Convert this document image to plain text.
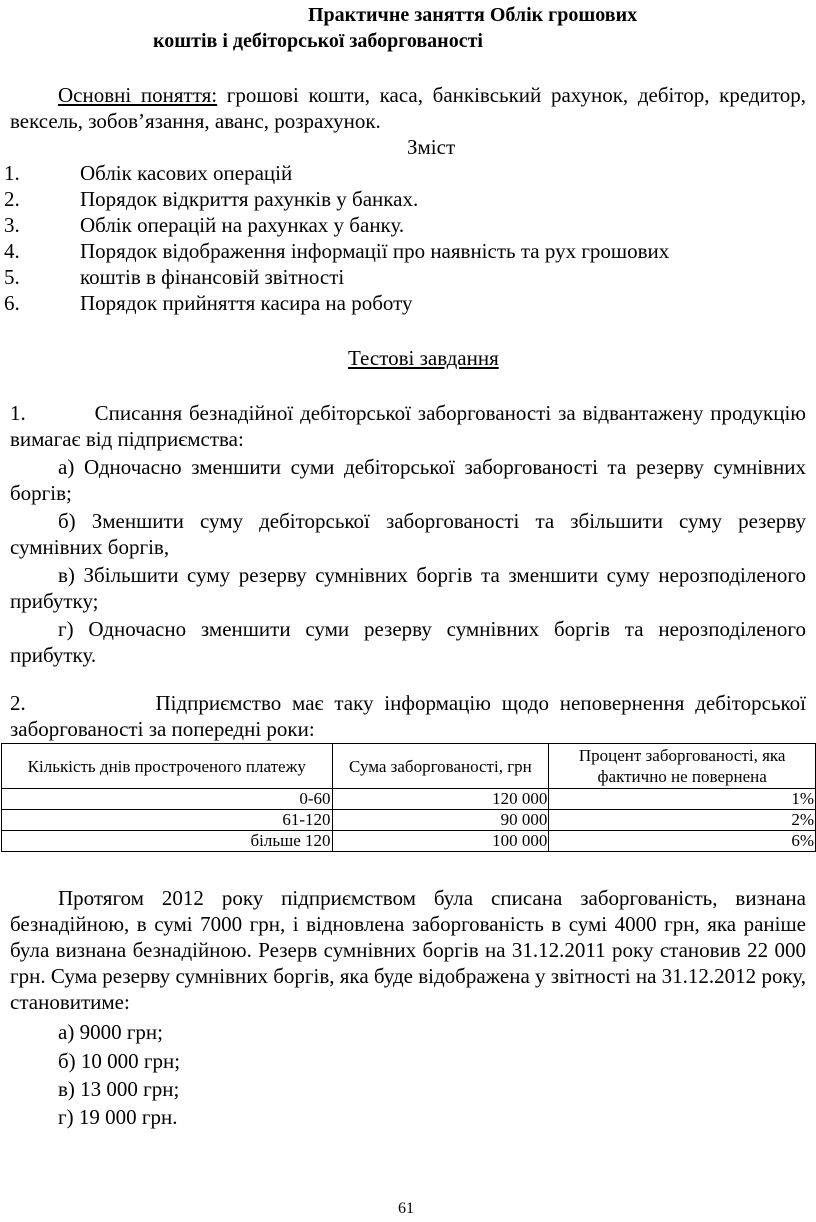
Практичне заняття Облік грошових
коштів і дебіторської заборгованості
Основні поняття: грошові кошти, каса, банківський рахунок, дебітор, кредитор, вексель, зобов’язання, аванс, розрахунок.
Зміст
1.	Облік касових операцій
2.	Порядок відкриття рахунків у банках.
3.	Облік операцій на рахунках у банку.
4.	Порядок відображення інформації про наявність та рух грошових
5.	коштів в фінансовій звітності
6.	Порядок прийняття касира на роботу
Тестові завдання
1.          Списання безнадійної дебіторської заборгованості за відвантажену продукцію вимагає від підприємства:
а) Одночасно зменшити суми дебіторської заборгованості та резерву сумнівних боргів;
б) Зменшити суму дебіторської заборгованості та збільшити суму резерву сумнівних боргів,
в) Збільшити суму резерву сумнівних боргів та зменшити суму нерозподіленого прибутку;
г) Одночасно зменшити суми резерву сумнівних боргів та нерозподіленого прибутку.
2.            Підприємство має таку інформацію щодо неповернення дебіторської заборгованості за попередні роки:
Кількість днів простроченого платежу	Сума заборгованості, грн	Процент заборгованості, яка фактично не повернена
0-60	120 000	1%
61-120	90 000	2%
більше 120	100 000	6%
Протягом 2012 року підприємством була списана заборгованість, визнана безнадійною, в сумі 7000 грн, і відновлена заборгованість в сумі 4000 грн, яка раніше була визнана безнадійною. Резерв сумнівних боргів на 31.12.2011 року становив 22 000 грн. Сума резерву сумнівних боргів, яка буде відображена у звітності на 31.12.2012 року, становитиме:
а) 9000 грн;
б) 10 000 грн;
в) 13 000 грн;
г) 19 000 грн.
61
